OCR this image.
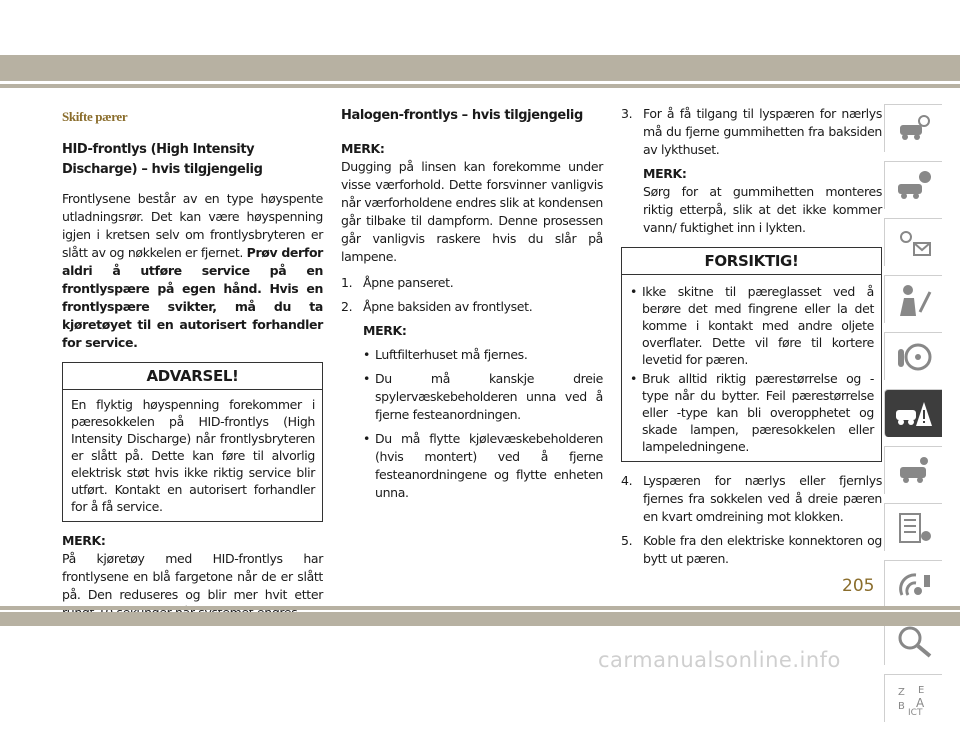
Skifte pærer
HID-frontlys (High Intensity Discharge) – hvis tilgjengelig

Frontlysene består av en type høyspente utladningsrør. Det kan være høyspenning igjen i kretsen selv om frontlysbryteren er slått av og nøkkelen er fjernet. Prøv derfor aldri å utføre service på en frontlyspære på egen hånd. Hvis en frontlyspære svikter, må du ta kjøretøyet til en autorisert forhandler for service.

ADVARSEL!
En flyktig høyspenning forekommer i pæresokkelen på HID-frontlys (High Intensity Discharge) når frontlysbryteren er slått på. Dette kan føre til alvorlig elektrisk støt hvis ikke riktig service blir utført. Kontakt en autorisert forhandler for å få service.
MERK:

På kjøretøy med HID-frontlys har frontlysene en blå fargetone når de er slått på. Den reduseres og blir mer hvit etter

Halogen-frontlys – hvis tilgjengelig
MERK:

Dugging på linsen kan forekomme under visse værforhold. Dette forsvinner vanligvis når værforholdene endres slik at kondensen går tilbake til dampform. Denne prosessen går vanligvis raskere hvis du slår på lampene.

1. Åpne panseret.
2. Åpne baksiden av frontlyset.
MERK:
• Luftfilterhuset må fjernes.
• Du må kanskje dreie spylervæskebeholderen unna ved å fjerne festeanordningen.
• Du må flytte kjølevæskebeholderen (hvis montert) ved å fjerne festeanordningene og flytte enheten unna.
3. For å få tilgang til lyspæren for nærlys må du fjerne gummihetten fra baksiden av lykthuset.
MERK:

Sørg for at gummihetten monteres riktig etterpå, slik at det ikke kommer vann/ fuktighet inn i lykten.

FORSIKTIG!
• Ikke skitne til pæreglasset ved å berøre det med fingrene eller la det komme i kontakt med andre oljete overflater. Dette vil føre til kortere levetid for pæren.
• Bruk alltid riktig pærestørrelse og -type når du bytter. Feil pærestørrelse eller -type kan bli overopphetet og skade lampen, pæresokkelen eller lampeledningene.
4. Lyspæren for nærlys eller fjernlys fjernes fra sokkelen ved å dreie pæren en kvart omdreining mot klokken.
5. Koble fra den elektriske konnektoren og bytt ut pæren.
Z E
B A
ICT
205
carmanualsonline.info
